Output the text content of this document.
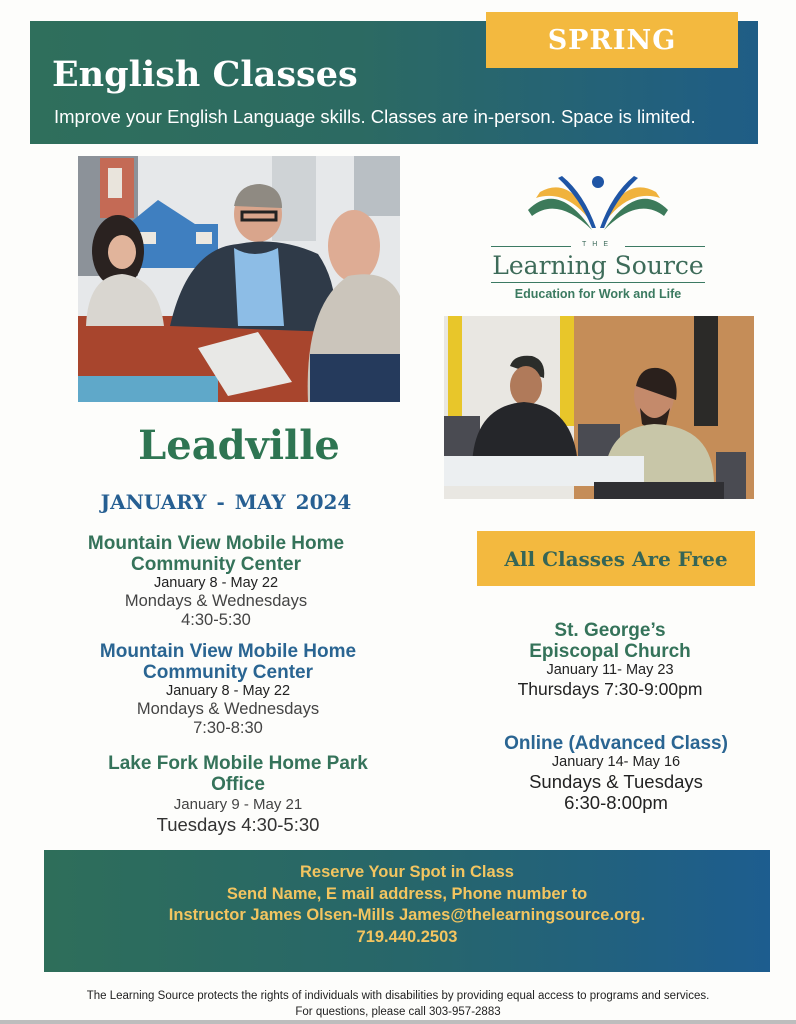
SPRING
English Classes
Improve your English Language skills. Classes are in-person. Space is limited.
THE
Learning Source
Education for Work and Life
Leadville
JANUARY - MAY 2024
Mountain View Mobile Home
Community Center
January 8 - May 22
Mondays & Wednesdays
4:30-5:30
Mountain View Mobile Home
Community Center
January 8 - May 22
Mondays & Wednesdays
7:30-8:30
Lake Fork Mobile Home Park
Office
January 9 - May 21
Tuesdays 4:30-5:30
All Classes Are Free
St. George’s
Episcopal Church
January 11- May 23
Thursdays 7:30-9:00pm
Online (Advanced Class)
January 14- May 16
Sundays & Tuesdays
6:30-8:00pm
Reserve Your Spot in Class
Send Name, E mail address, Phone number to
Instructor James Olsen-Mills James@thelearningsource.org.
719.440.2503
The Learning Source protects the rights of individuals with disabilities by providing equal access to programs and services.
For questions, please call 303-957-2883
